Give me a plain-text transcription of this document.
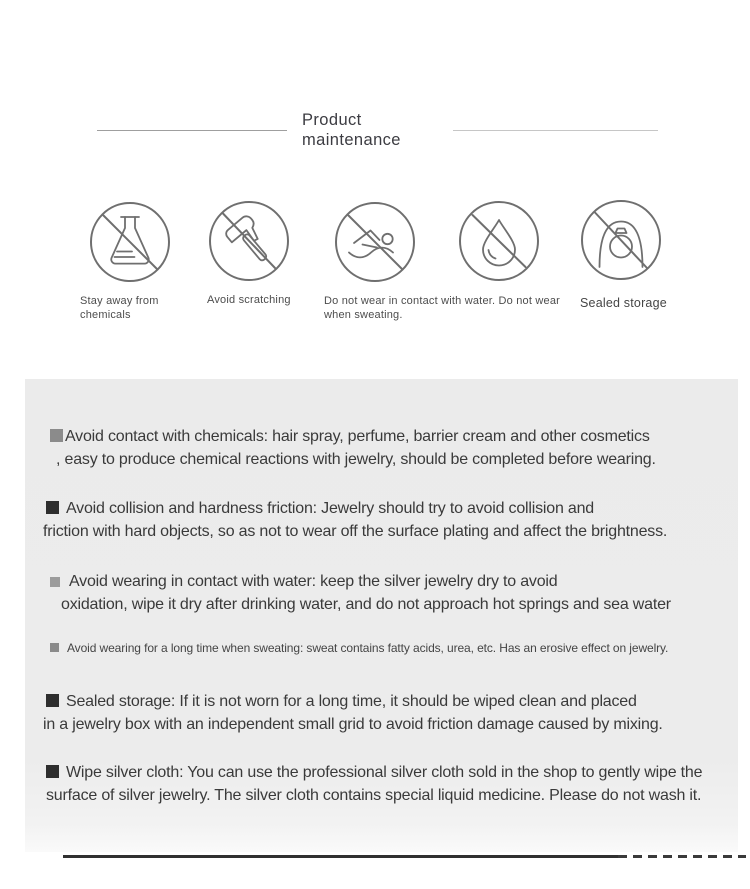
Product
maintenance
Stay away from
chemicals
Avoid scratching	Do not wear in contact with water. Do not wear
when sweating.
Sealed storage
Avoid contact with chemicals: hair spray, perfume, barrier cream and other cosmetics
, easy to produce chemical reactions with jewelry, should be completed before wearing.
Avoid collision and hardness friction: Jewelry should try to avoid collision and
friction with hard objects, so as not to wear off the surface plating and affect the brightness.
Avoid wearing in contact with water: keep the silver jewelry dry to avoid
oxidation, wipe it dry after drinking water, and do not approach hot springs and sea water
Avoid wearing for a long time when sweating: sweat contains fatty acids, urea, etc. Has an erosive effect on jewelry.
Sealed storage: If it is not worn for a long time, it should be wiped clean and placed
in a jewelry box with an independent small grid to avoid friction damage caused by mixing.
Wipe silver cloth: You can use the professional silver cloth sold in the shop to gently wipe the
surface of silver jewelry. The silver cloth contains special liquid medicine. Please do not wash it.
